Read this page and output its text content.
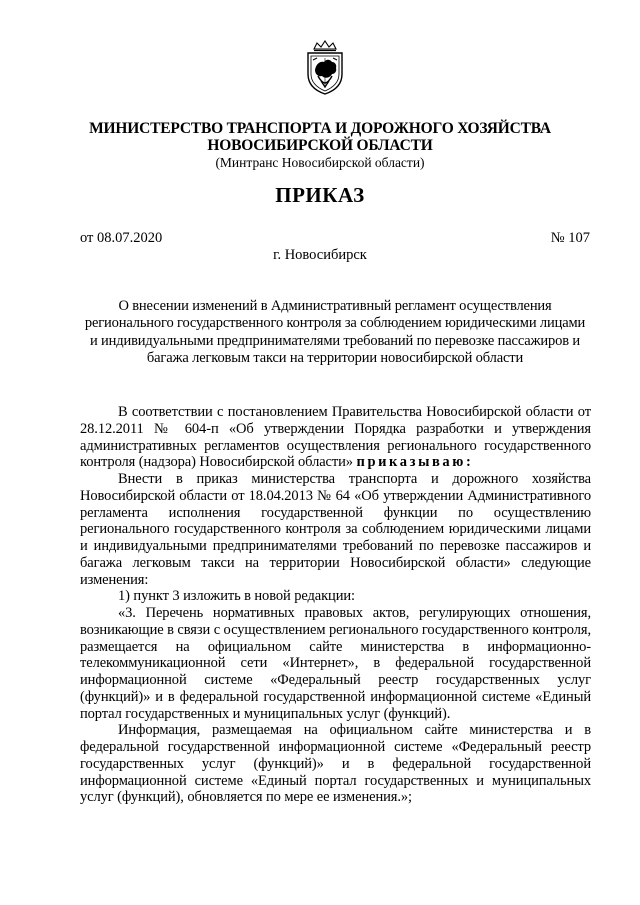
МИНИСТЕРСТВО ТРАНСПОРТА И ДОРОЖНОГО ХОЗЯЙСТВА
НОВОСИБИРСКОЙ ОБЛАСТИ
(Минтранс Новосибирской области)
ПРИКАЗ
от 08.07.2020	№ 107
г. Новосибирск
О внесении изменений в Административный регламент осуществления регионального государственного контроля за соблюдением юридическими лицами и индивидуальными предпринимателями требований по перевозке пассажиров и багажа легковым такси на территории новосибирской области

В соответствии с постановлением Правительства Новосибирской области от 28.12.2011 № 604-п «Об утверждении Порядка разработки и утверждения административных регламентов осуществления регионального государственного контроля (надзора) Новосибирской области» приказываю:

Внести в приказ министерства транспорта и дорожного хозяйства Новосибирской области от 18.04.2013 № 64 «Об утверждении Административного регламента исполнения государственной функции по осуществлению регионального государственного контроля за соблюдением юридическими лицами и индивидуальными предпринимателями требований по перевозке пассажиров и багажа легковым такси на территории Новосибирской области» следующие изменения:

1) пункт 3 изложить в новой редакции:

«3. Перечень нормативных правовых актов, регулирующих отношения, возникающие в связи с осуществлением регионального государственного контроля, размещается на официальном сайте министерства в информационно-телекоммуникационной сети «Интернет», в федеральной государственной информационной системе «Федеральный реестр государственных услуг (функций)» и в федеральной государственной информационной системе «Единый портал государственных и муниципальных услуг (функций).

Информация, размещаемая на официальном сайте министерства и в федеральной государственной информационной системе «Федеральный реестр государственных услуг (функций)» и в федеральной государственной информационной системе «Единый портал государственных и муниципальных услуг (функций), обновляется по мере ее изменения.»;
